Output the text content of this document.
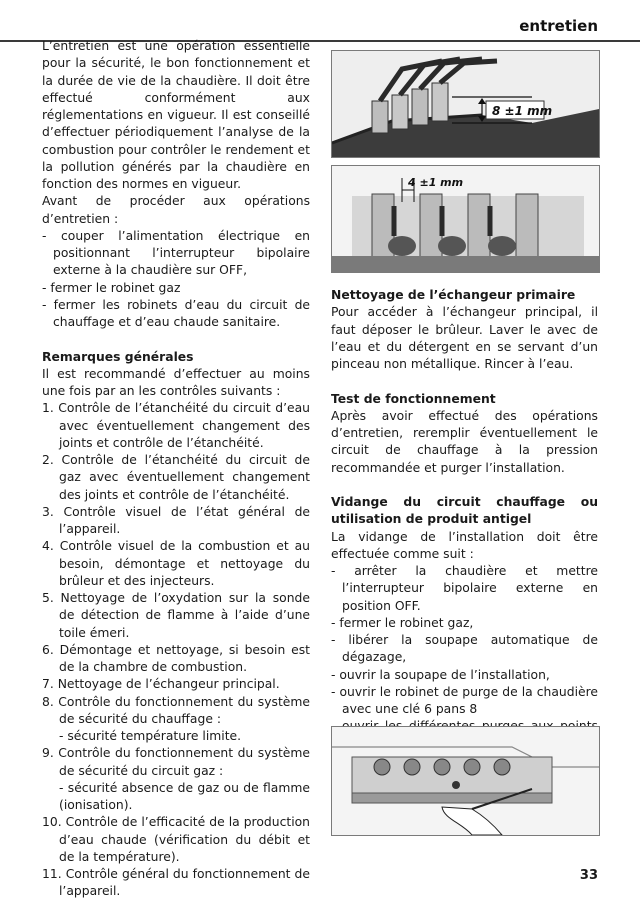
entretien

L’entretien est une opération essentielle pour la sécurité, le bon fonctionnement et la durée de vie de la chaudière. Il doit être effectué conformément aux réglementations en vigueur. Il est conseillé d’effectuer périodiquement l’analyse de la combustion pour contrôler le rendement et la pollution générés par la chaudière en fonction des normes en vigueur.

Avant de procéder aux opérations d’entretien :

- couper l’alimentation électrique en positionnant l’interrupteur bipolaire externe à la chaudière sur OFF,

- fermer le robinet gaz

- fermer les robinets d’eau du circuit de chauffage et d’eau chaude sanitaire.

Remarques générales

Il est recommandé d’effectuer au moins une fois par an les contrôles suivants :

1. Contrôle de l’étanchéité du circuit d’eau avec éventuellement changement des joints et contrôle de l’étanchéité.

2. Contrôle de l’étanchéité du circuit de gaz avec éventuellement changement des joints et contrôle de l’étanchéité.

3. Contrôle visuel de l’état général de l’appareil.

4. Contrôle visuel de la combustion et au besoin, démontage et nettoyage du brûleur et des injecteurs.

5. Nettoyage de l’oxydation sur la sonde de détection de flamme à l’aide d’une toile émeri.

6. Démontage et nettoyage, si besoin est de la chambre de combustion.

7. Nettoyage de l’échangeur principal.

8. Contrôle du fonctionnement du système de sécurité du chauffage :

- sécurité température limite.

9. Contrôle du fonctionnement du système de sécurité du circuit gaz :

- sécurité absence de gaz ou de flamme (ionisation).

10. Contrôle de l’efficacité de la production d’eau chaude (vérification du débit et de la température).

11. Contrôle général du fonctionnement de l’appareil.

8 ±1 mm
4 ±1 mm

Nettoyage de l’échangeur primaire

Pour accéder à l’échangeur principal, il faut déposer le brûleur. Laver le avec de l’eau et du détergent en se servant d’un pinceau non métallique. Rincer à l’eau.

Test de fonctionnement

Après avoir effectué des opérations d’entretien, reremplir éventuellement le circuit de chauffage à la pression recommandée et purger l’installation.

Vidange du circuit chauffage ou utilisation de produit antigel

La vidange de l’installation doit être effectuée comme suit :

- arrêter la chaudière et mettre l’interrupteur bipolaire externe en position OFF.

- fermer le robinet gaz,

- libérer la soupape automatique de dégazage,

- ouvrir la soupape de l’installation,

- ouvrir le robinet de purge de la chaudière avec une clé 6 pans 8

33
